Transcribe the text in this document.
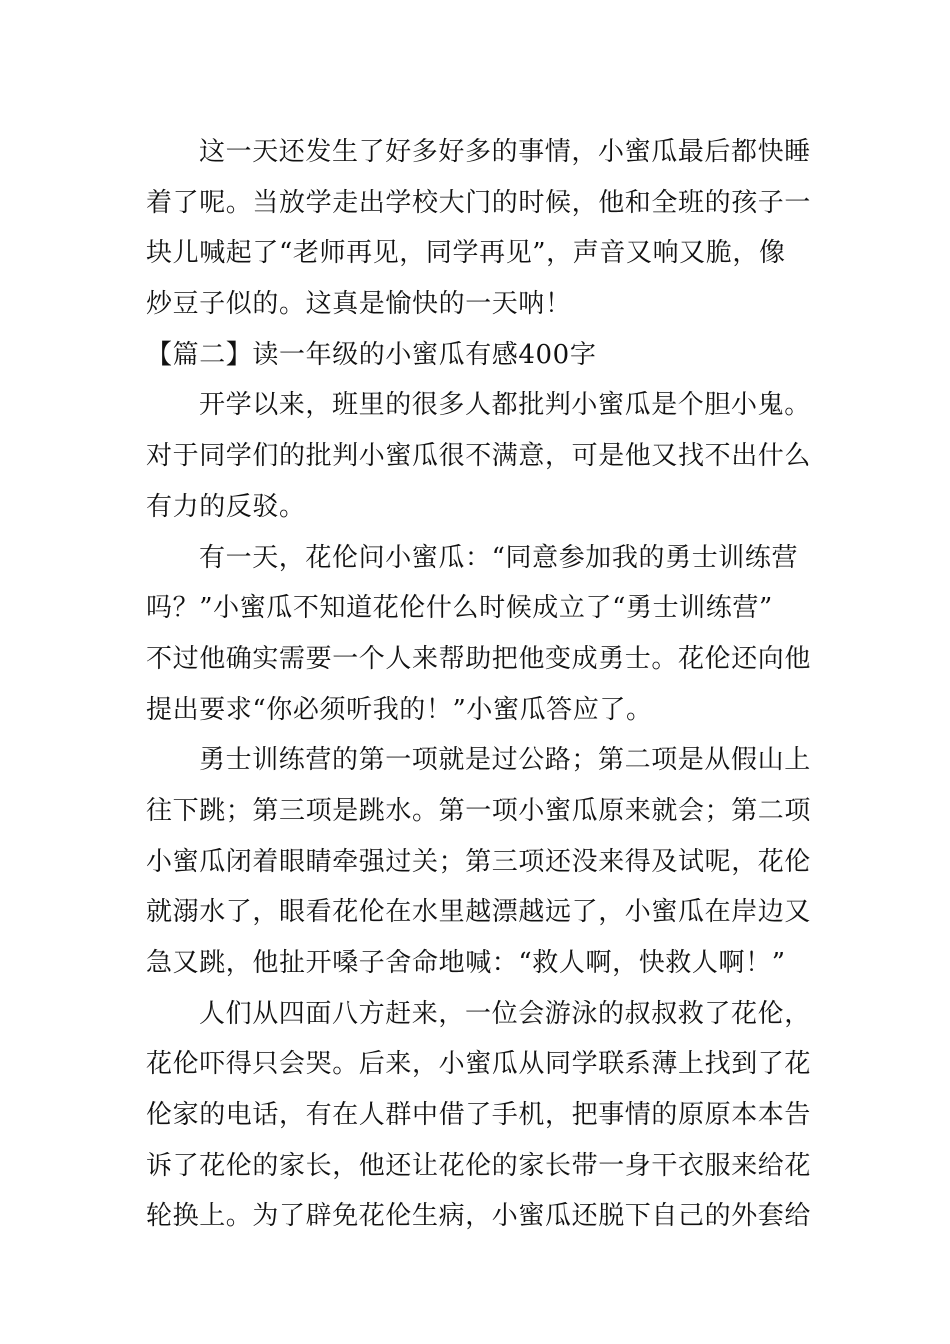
这一天还发生了好多好多的事情，小蜜瓜最后都快睡
着了呢。当放学走出学校大门的时候，他和全班的孩子一
块儿喊起了“老师再见，同学再见”，声音又响又脆，像
炒豆子似的。这真是愉快的一天呐！
【篇二】读一年级的小蜜瓜有感400字
开学以来，班里的很多人都批判小蜜瓜是个胆小鬼。
对于同学们的批判小蜜瓜很不满意，可是他又找不出什么
有力的反驳。
有一天，花伦问小蜜瓜：“同意参加我的勇士训练营
吗？”小蜜瓜不知道花伦什么时候成立了“勇士训练营”
不过他确实需要一个人来帮助把他变成勇士。花伦还向他
提出要求“你必须听我的！”小蜜瓜答应了。
勇士训练营的第一项就是过公路；第二项是从假山上
往下跳；第三项是跳水。第一项小蜜瓜原来就会；第二项
小蜜瓜闭着眼睛牵强过关；第三项还没来得及试呢，花伦
就溺水了，眼看花伦在水里越漂越远了，小蜜瓜在岸边又
急又跳，他扯开嗓子舍命地喊：“救人啊，快救人啊！”
人们从四面八方赶来，一位会游泳的叔叔救了花伦，
花伦吓得只会哭。后来，小蜜瓜从同学联系薄上找到了花
伦家的电话，有在人群中借了手机，把事情的原原本本告
诉了花伦的家长，他还让花伦的家长带一身干衣服来给花
轮换上。为了辟免花伦生病，小蜜瓜还脱下自己的外套给
